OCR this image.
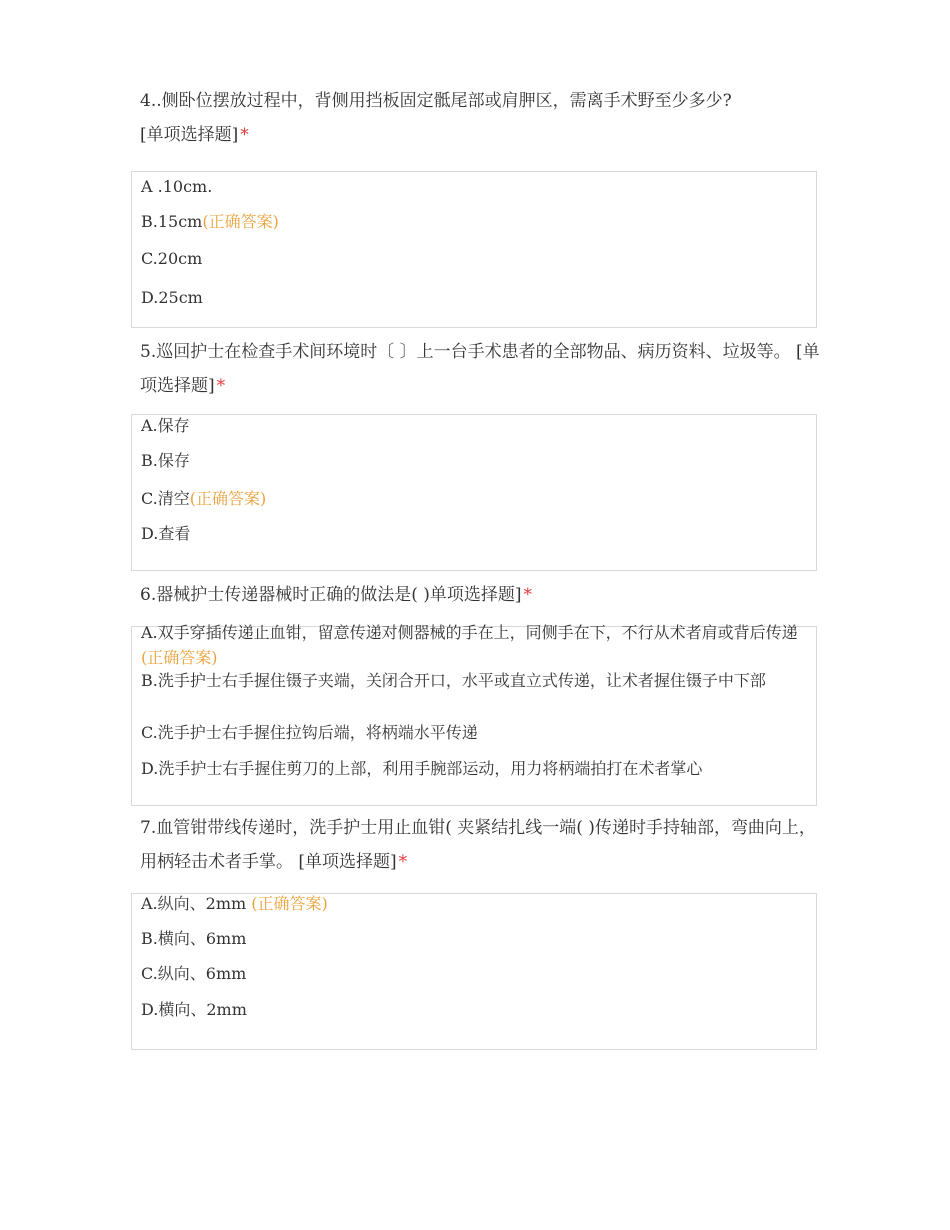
4..侧卧位摆放过程中，背侧用挡板固定骶尾部或肩胛区，需离手术野至少多少?
[单项选择题] *
A .10cm.
B.15cm(正确答案)
C.20cm
D.25cm
5.巡回护士在检查手术间环境时〔 〕上一台手术患者的全部物品、病历资料、垃圾等。 [单项选择题] *
A.保存
B.保存
C.清空(正确答案)
D.查看
6.器械护士传递器械时正确的做法是( )单项选择题] *
A.双手穿插传递止血钳，留意传递对侧器械的手在上，同侧手在下，不行从术者肩或背后传递(正确答案)
B.洗手护士右手握住镊子夹端，关闭合开口，水平或直立式传递，让术者握住镊子中下部
C.洗手护士右手握住拉钩后端，将柄端水平传递
D.洗手护士右手握住剪刀的上部，利用手腕部运动，用力将柄端拍打在术者掌心
7.血管钳带线传递时，洗手护士用止血钳( 夹紧结扎线一端( )传递时手持轴部，弯曲向上，用柄轻击术者手掌。 [单项选择题] *
A.纵向、2mm (正确答案)
B.横向、6mm
C.纵向、6mm
D.横向、2mm
